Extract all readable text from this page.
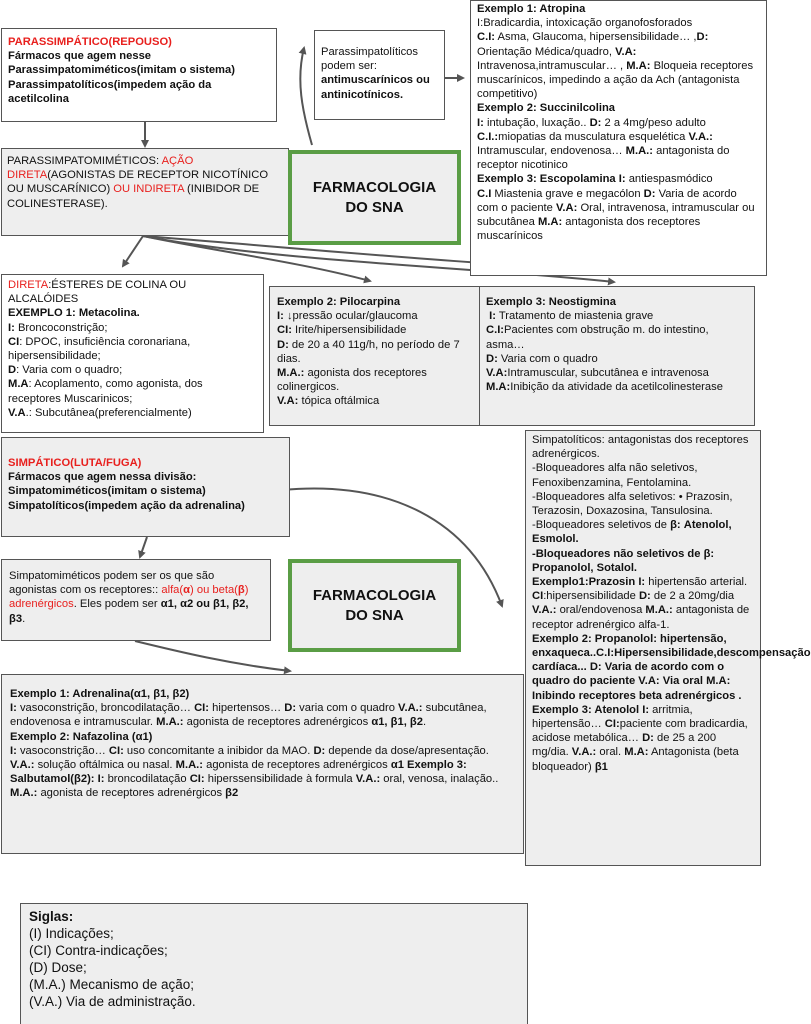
PARASSIMPÁTICO(REPOUSO)

Fármacos que agem nesse

Parassimpatomiméticos(imitam o sistema)

Parassimpatolíticos(impedem ação da acetilcolina

Parassimpatolíticos podem ser:
antimuscarínicos ou antinicotínicos.

Exemplo 1: Atropina

I:Bradicardia, intoxicação organofosforados

C.I: Asma, Glaucoma, hipersensibilidade… ,D: Orientação Médica/quadro, V.A: Intravenosa,intramuscular… , M.A: Bloqueia receptores muscarínicos, impedindo a ação da Ach (antagonista competitivo)

Exemplo 2: Succinilcolina

I: intubação, luxação.. D: 2 a 4mg/peso adulto
C.I.:miopatias da musculatura esquelética V.A.: Intramuscular, endovenosa… M.A.: antagonista do receptor nicotinico

Exemplo 3: Escopolamina I: antiespasmódico

C.I Miastenia grave e megacólon D: Varia de acordo com o paciente V.A: Oral, intravenosa, intramuscular ou subcutânea M.A: antagonista dos receptores muscarínicos

PARASSIMPATOMIMÉTICOS: AÇÃO DIRETA(AGONISTAS DE RECEPTOR NICOTÍNICO OU MUSCARÍNICO) OU INDIRETA (INIBIDOR DE COLINESTERASE).
FARMACOLOGIA DO SNA

DIRETA:ÉSTERES DE COLINA OU ALCALÓIDES

EXEMPLO 1: Metacolina.

I: Broncoconstrição;

CI: DPOC, insuficiência coronariana, hipersensibilidade;

D: Varia com o quadro;

M.A: Acoplamento, como agonista, dos receptores Muscarinicos;

V.A.: Subcutânea(preferencialmente)

Exemplo 2: Pilocarpina

I: ↓pressão ocular/glaucoma

CI: Irite/hipersensibilidade

D: de 20 a 40 11g/h, no período de 7 dias.

M.A.: agonista dos receptores colinergicos.

V.A: tópica oftálmica

Exemplo 3: Neostigmina

I: Tratamento de miastenia grave

C.I:Pacientes com obstrução m. do intestino, asma…

D: Varia com o quadro

V.A:Intramuscular, subcutânea e intravenosa

M.A:Inibição da atividade da acetilcolinesterase

SIMPÁTICO(LUTA/FUGA)

Fármacos que agem nessa divisão:

Simpatomiméticos(imitam o sistema)

Simpatolíticos(impedem ação da adrenalina)

Simpatolíticos: antagonistas dos receptores adrenérgicos.

-Bloqueadores alfa não seletivos, Fenoxibenzamina, Fentolamina.

-Bloqueadores alfa seletivos: • Prazosin, Terazosin, Doxazosina, Tansulosina.

-Bloqueadores seletivos de β: Atenolol, Esmolol.

-Bloqueadores não seletivos de β: Propanolol, Sotalol.

Exemplo1:Prazosin I: hipertensão arterial. CI:hipersensibilidade D: de 2 a 20mg/dia V.A.: oral/endovenosa M.A.: antagonista de receptor adrenérgico alfa-1.

Exemplo 2: Propanolol: hipertensão, enxaqueca..C.I:Hipersensibilidade,descompensação cardíaca... D: Varia de acordo com o quadro do paciente V.A: Via oral M.A: Inibindo receptores beta adrenérgicos .

Exemplo 3: Atenolol I: arritmia, hipertensão… CI:paciente com bradicardia, acidose metabólica… D: de 25 a 200 mg/dia. V.A.: oral. M.A: Antagonista (beta bloqueador) β1

Simpatomiméticos podem ser os que são agonistas com os receptores:: alfa(α) ou beta(β) adrenérgicos. Eles podem ser α1, α2 ou β1, β2, β3.
FARMACOLOGIA DO SNA

Exemplo 1: Adrenalina(α1, β1, β2)

I: vasoconstrição, broncodilatação… CI: hipertensos… D: varia com o quadro V.A.: subcutânea, endovenosa e intramuscular. M.A.: agonista de receptores adrenérgicos α1, β1, β2.

Exemplo 2: Nafazolina (α1)

I: vasoconstrição… CI: uso concomitante a inibidor da MAO. D: depende da dose/apresentação. V.A.: solução oftálmica ou nasal. M.A.: agonista de receptores adrenérgicos α1 Exemplo 3: Salbutamol(β2): I: broncodilatação CI: hiperssensibilidade à formula V.A.: oral, venosa, inalação.. M.A.: agonista de receptores adrenérgicos β2

Siglas:

(I) Indicações;

(CI) Contra-indicações;

(D) Dose;

(M.A.) Mecanismo de ação;

(V.A.) Via de administração.
